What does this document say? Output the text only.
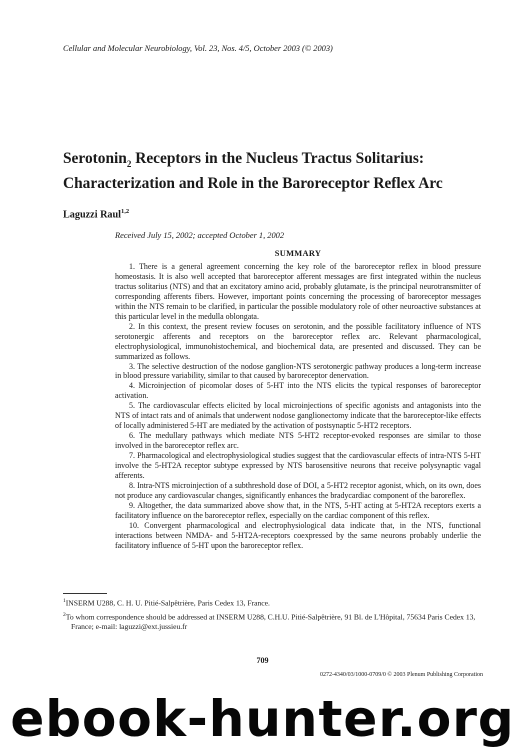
Cellular and Molecular Neurobiology, Vol. 23, Nos. 4/5, October 2003 (© 2003)
Serotonin$_2$ Receptors in the Nucleus Tractus Solitarius: Characterization and Role in the Baroreceptor Reflex Arc
Laguzzi Raul$^{1,2}$
Received July 15, 2002; accepted October 1, 2002
SUMMARY

1. There is a general agreement concerning the key role of the baroreceptor reflex in blood pressure homeostasis. It is also well accepted that baroreceptor afferent messages are first integrated within the nucleus tractus solitarius (NTS) and that an excitatory amino acid, probably glutamate, is the principal neurotransmitter of corresponding afferents fibers. However, important points concerning the processing of baroreceptor messages within the NTS remain to be clarified, in particular the possible modulatory role of other neuroactive substances at this particular level in the medulla oblongata.

2. In this context, the present review focuses on serotonin, and the possible facilitatory influence of NTS serotonergic afferents and receptors on the baroreceptor reflex arc. Relevant pharmacological, electrophysiological, immunohistochemical, and biochemical data, are presented and discussed. They can be summarized as follows.

3. The selective destruction of the nodose ganglion-NTS serotonergic pathway produces a long-term increase in blood pressure variability, similar to that caused by baroreceptor denervation.

4. Microinjection of picomolar doses of 5-HT into the NTS elicits the typical responses of baroreceptor activation.

5. The cardiovascular effects elicited by local microinjections of specific agonists and antagonists into the NTS of intact rats and of animals that underwent nodose ganglionectomy indicate that the baroreceptor-like effects of locally administered 5-HT are mediated by the activation of postsynaptic 5-HT2 receptors.

6. The medullary pathways which mediate NTS 5-HT2 receptor-evoked responses are similar to those involved in the baroreceptor reflex arc.

7. Pharmacological and electrophysiological studies suggest that the cardiovascular effects of intra-NTS 5-HT involve the 5-HT2A receptor subtype expressed by NTS barosensitive neurons that receive polysynaptic vagal afferents.

8. Intra-NTS microinjection of a subthreshold dose of DOI, a 5-HT2 receptor agonist, which, on its own, does not produce any cardiovascular changes, significantly enhances the bradycardiac component of the baroreflex.

9. Altogether, the data summarized above show that, in the NTS, 5-HT acting at 5-HT2A receptors exerts a facilitatory influence on the baroreceptor reflex, especially on the cardiac component of this reflex.

10. Convergent pharmacological and electrophysiological data indicate that, in the NTS, functional interactions between NMDA- and 5-HT2A-receptors coexpressed by the same neurons probably underlie the facilitatory influence of 5-HT upon the baroreceptor reflex.

$^1$INSERM U288, C. H. U. Pitié-Salpêtrière, Paris Cedex 13, France.

$^2$To whom correspondence should be addressed at INSERM U288, C.H.U. Pitié-Salpêtrière, 91 Bl. de L'Hôpital, 75634 Paris Cedex 13, France; e-mail: laguzzi@ext.jussieu.fr

709
0272-4340/03/1000-0709/0 © 2003 Plenum Publishing Corporation
ebook-hunter.org
